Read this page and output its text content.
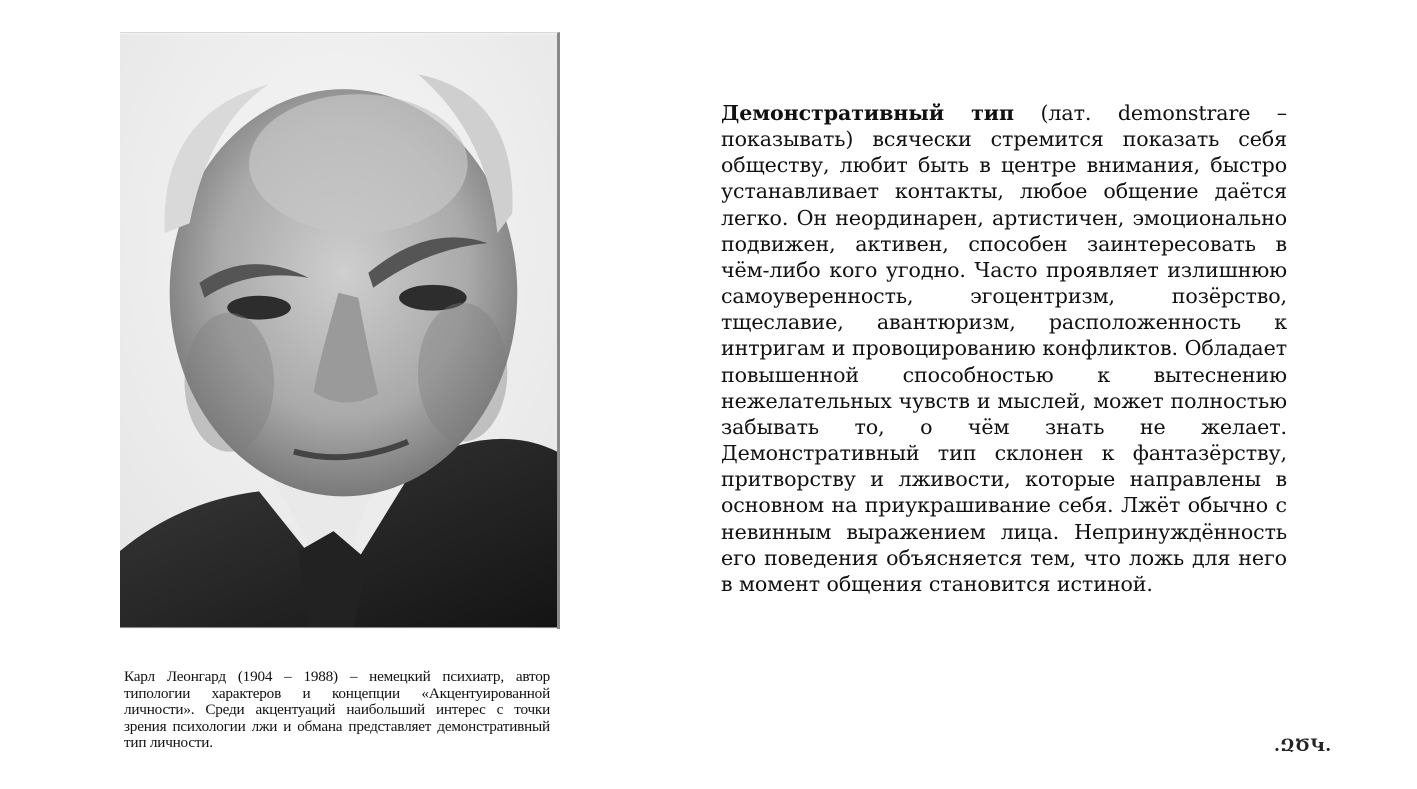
Карл Леонгард (1904 – 1988) – немецкий психиатр, автор типологии характеров и концепции «Акцентуированной личности». Среди акцентуаций наибольший интерес с точки зрения психологии лжи и обмана представляет демонстративный тип личности.
Демонстративный тип (лат. demonstrare – показывать) всячески стремится показать себя обществу, любит быть в центре внимания, быстро устанавливает контакты, любое общение даётся легко. Он неординарен, артистичен, эмоционально подвижен, активен, способен заинтересовать в чём-либо кого угодно. Часто проявляет излишнюю самоуверенность, эгоцентризм, позёрство, тщеславие, авантюризм, расположенность к интригам и провоцированию конфликтов. Обладает повышенной способностью к вытеснению нежелательных чувств и мыслей, может полностью забывать то, о чём знать не желает. Демонстративный тип склонен к фантазёрству, притворству и лживости, которые направлены в основном на приукрашивание себя. Лжёт обычно с невинным выражением лица. Непринуждённость его поведения объясняется тем, что ложь для него в момент общения становится истиной.
.ԶԾԿ.
